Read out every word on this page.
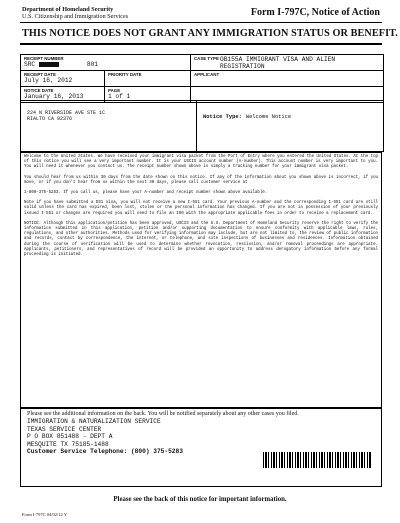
Department of Homeland Security
U.S. Citizenship and Immigration Services	Form I-797C, Notice of Action
THIS NOTICE DOES NOT GRANT ANY IMMIGRATION STATUS OR BENEFIT.
RECEIPT NUMBER
SRC	801
CASE TYPE OB155A IMMIGRANT VISA AND ALIEN REGISTRATION
RECEIPT DATE
July 16, 2012
PRIORITY DATE	APPLICANT
NOTICE DATE
January 16, 2013
PAGE
1 of 1
224 N RIVERSIDE AVE STE 1C
RIALTO CA 92376	Notice Type: Welcome Notice

Welcome to the United States. We have received your immigrant visa packet from the Port of Entry where you entered the United States. At the top of this notice you will see a very important number. It is your USCIS account number (A-number). This account number is very important to you. You will need it whenever you contact us. The receipt number shown above is simply a tracking number for your immigrant visa packet.

You should hear from us within 30 days from the date shown on this notice. If any of the information about you shown above is incorrect, if you move, or if you don't hear from us within the next 30 days, please call customer service at

1-800-375-5283. If you call us, please have your A-number and receipt number shown above available.

Note if you have submitted a DS1 visa, you will not receive a new I-551 card. Your previous A-number and the corresponding I-551 card are still valid unless the card has expired, been lost, stolen or the personal information has changed. If you are not in possession of your previously issued I-551 or changes are required you will need to file an I90 with the appropriate applicable fees in order to receive a replacement card.

NOTICE: Although this application/petition has been approved, USCIS and the U.S. Department of Homeland Security reserve the right to verify the information submitted in this application, petition and/or supporting documentation to ensure conformity with applicable laws, rules, regulations, and other authorities. Methods used for verifying information may include, but are not limited to, the review of public information and records, contact by correspondence, the internet, or telephone, and site inspections of businesses and residences. Information obtained during the course of verification will be used to determine whether revocation, rescission, and/or removal proceedings are appropriate. Applicants, petitioners, and representatives of record will be provided an opportunity to address derogatory information before any formal proceeding is initiated.

Please see the additional information on the back. You will be notified separately about any other cases you filed.
IMMIGRATION & NATURALIZATION SERVICE
TEXAS SERVICE CENTER
P O BOX 851488 - DEPT A
MESQUITE TX 75185-1488
Customer Service Telephone: (800) 375-5283
Please see the back of this notice for important information.
Form I-797C 04/02/12 Y
